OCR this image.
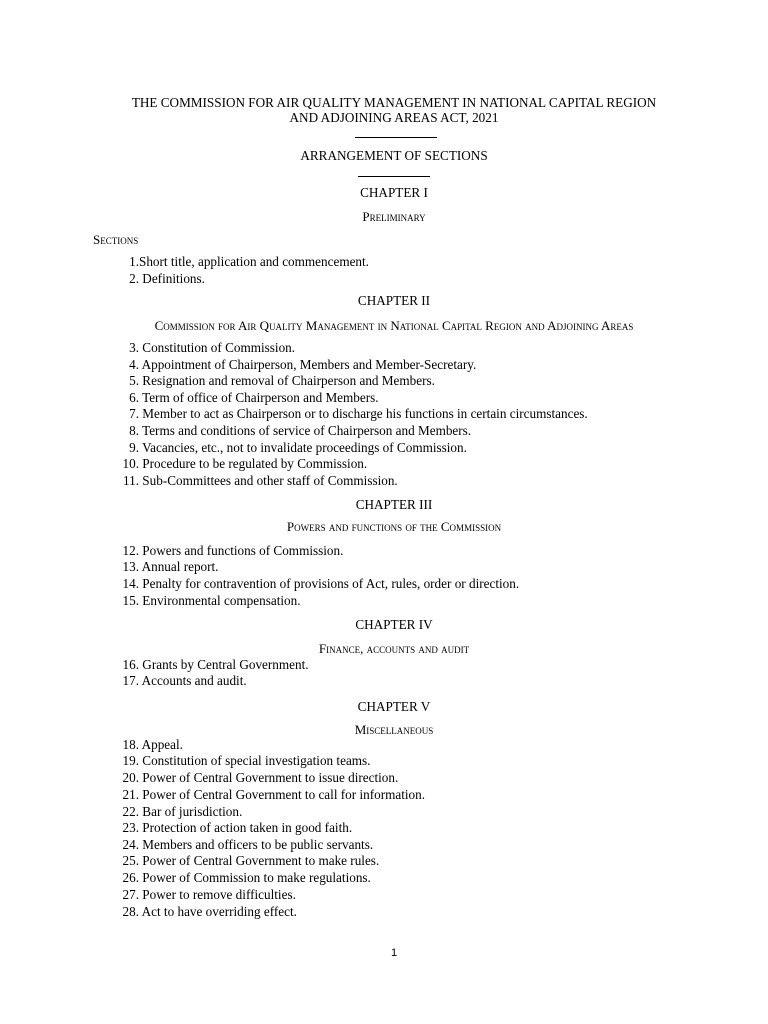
THE COMMISSION FOR AIR QUALITY MANAGEMENT IN NATIONAL CAPITAL REGION
AND ADJOINING AREAS ACT, 2021
ARRANGEMENT OF SECTIONS
CHAPTER I
Preliminary
Sections
1.Short title, application and commencement.
2. Definitions.
CHAPTER II
Commission for Air Quality Management in National Capital Region and Adjoining Areas
3. Constitution of Commission.
4. Appointment of Chairperson, Members and Member-Secretary.
5. Resignation and removal of Chairperson and Members.
6. Term of office of Chairperson and Members.
7. Member to act as Chairperson or to discharge his functions in certain circumstances.
8. Terms and conditions of service of Chairperson and Members.
9. Vacancies, etc., not to invalidate proceedings of Commission.
10. Procedure to be regulated by Commission.
11. Sub-Committees and other staff of Commission.
CHAPTER III
Powers and functions of the Commission
12. Powers and functions of Commission.
13. Annual report.
14. Penalty for contravention of provisions of Act, rules, order or direction.
15. Environmental compensation.
CHAPTER IV
Finance, accounts and audit
16. Grants by Central Government.
17. Accounts and audit.
CHAPTER V
Miscellaneous
18. Appeal.
19. Constitution of special investigation teams.
20. Power of Central Government to issue direction.
21. Power of Central Government to call for information.
22. Bar of jurisdiction.
23. Protection of action taken in good faith.
24. Members and officers to be public servants.
25. Power of Central Government to make rules.
26. Power of Commission to make regulations.
27. Power to remove difficulties.
28. Act to have overriding effect.
1
